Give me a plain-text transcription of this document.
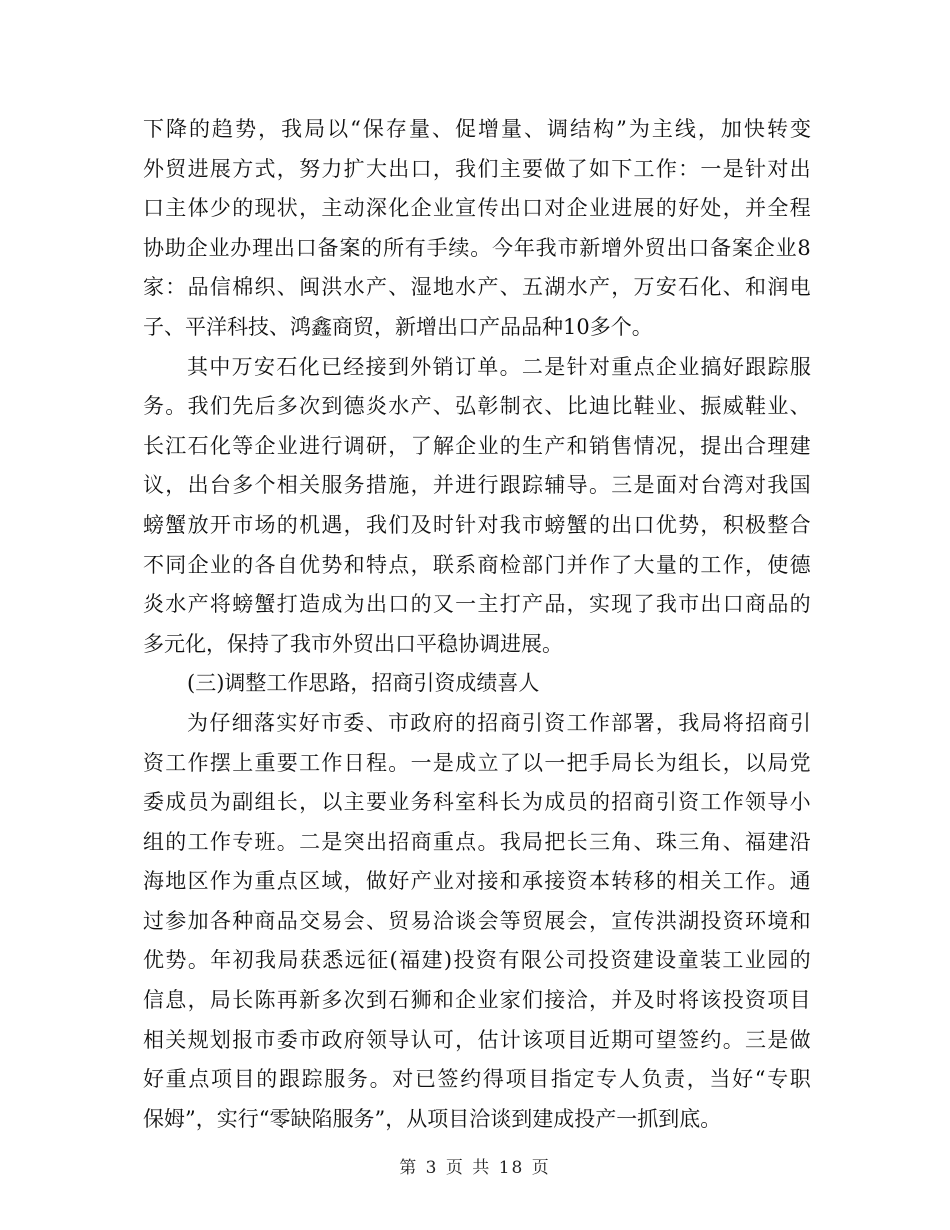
下 降 的 趋 势 ， 我 局 以 “ 保 存 量 、 促 增 量 、 调 结 构 ” 为 主 线 ， 加 快 转 变
外 贸 进 展 方 式 ， 努 力 扩 大 出 口 ， 我 们 主 要 做 了 如 下 工 作 ： 一 是 针 对 出
口 主 体 少 的 现 状 ， 主 动 深 化 企 业 宣 传 出 口 对 企 业 进 展 的 好 处 ， 并 全 程
协 助 企 业 办 理 出 口 备 案 的 所 有 手 续 。 今 年 我 市 新 增 外 贸 出 口 备 案 企 业 8
家 ： 品 信 棉 织 、 闽 洪 水 产 、 湿 地 水 产 、 五 湖 水 产 ， 万 安 石 化 、 和 润 电
子、平洋科技、鸿鑫商贸，新增出口产品品种10多个。
其 中 万 安 石 化 已 经 接 到 外 销 订 单 。 二 是 针 对 重 点 企 业 搞 好 跟 踪 服
务 。 我 们 先 后 多 次 到 德 炎 水 产 、 弘 彰 制 衣 、 比 迪 比 鞋 业 、 振 威 鞋 业 、
长 江 石 化 等 企 业 进 行 调 研 ， 了 解 企 业 的 生 产 和 销 售 情 况 ， 提 出 合 理 建
议 ， 出 台 多 个 相 关 服 务 措 施 ， 并 进 行 跟 踪 辅 导 。 三 是 面 对 台 湾 对 我 国
螃 蟹 放 开 市 场 的 机 遇 ， 我 们 及 时 针 对 我 市 螃 蟹 的 出 口 优 势 ， 积 极 整 合
不 同 企 业 的 各 自 优 势 和 特 点 ， 联 系 商 检 部 门 并 作 了 大 量 的 工 作 ， 使 德
炎 水 产 将 螃 蟹 打 造 成 为 出 口 的 又 一 主 打 产 品 ， 实 现 了 我 市 出 口 商 品 的
多元化，保持了我市外贸出口平稳协调进展。
(三)调整工作思路，招商引资成绩喜人
为 仔 细 落 实 好 市 委 、 市 政 府 的 招 商 引 资 工 作 部 署 ， 我 局 将 招 商 引
资 工 作 摆 上 重 要 工 作 日 程 。 一 是 成 立 了 以 一 把 手 局 长 为 组 长 ， 以 局 党
委 成 员 为 副 组 长 ， 以 主 要 业 务 科 室 科 长 为 成 员 的 招 商 引 资 工 作 领 导 小
组 的 工 作 专 班 。 二 是 突 出 招 商 重 点 。 我 局 把 长 三 角 、 珠 三 角 、 福 建 沿
海 地 区 作 为 重 点 区 域 ， 做 好 产 业 对 接 和 承 接 资 本 转 移 的 相 关 工 作 。 通
过 参 加 各 种 商 品 交 易 会 、 贸 易 洽 谈 会 等 贸 展 会 ， 宣 传 洪 湖 投 资 环 境 和
优 势 。 年 初 我 局 获 悉 远 征 ( 福 建 ) 投 资 有 限 公 司 投 资 建 设 童 装 工 业 园 的
信 息 ， 局 长 陈 再 新 多 次 到 石 狮 和 企 业 家 们 接 洽 ， 并 及 时 将 该 投 资 项 目
相 关 规 划 报 市 委 市 政 府 领 导 认 可 ， 估 计 该 项 目 近 期 可 望 签 约 。 三 是 做
好 重 点 项 目 的 跟 踪 服 务 。 对 已 签 约 得 项 目 指 定 专 人 负 责 ， 当 好 “ 专 职
保姆”，实行“零缺陷服务”，从项目洽谈到建成投产一抓到底。
第 3 页 共 18 页
